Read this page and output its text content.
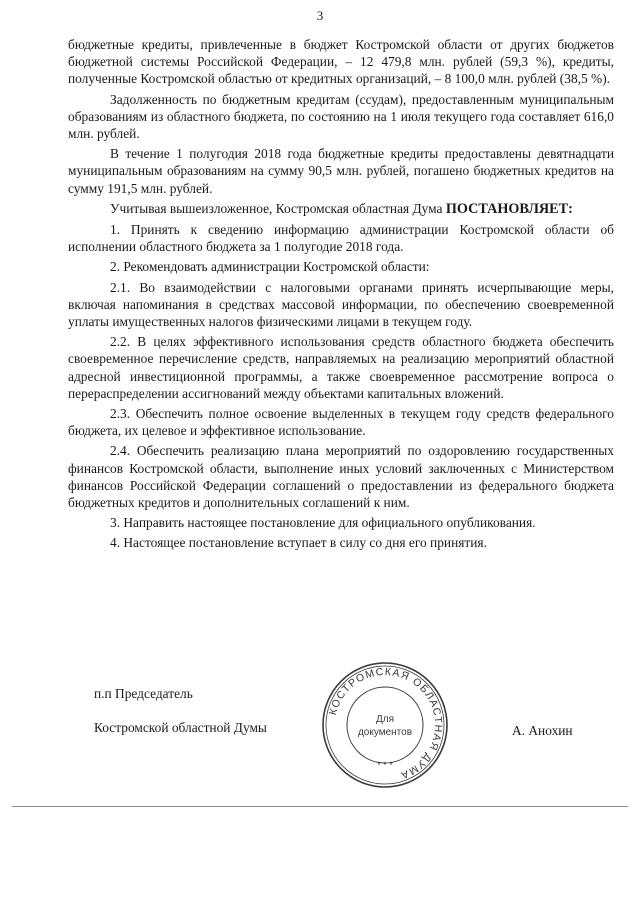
3

бюджетные кредиты, привлеченные в бюджет Костромской области от других бюджетов бюджетной системы Российской Федерации, – 12 479,8 млн. рублей (59,3 %), кредиты, полученные Костромской областью от кредитных организаций, – 8 100,0 млн. рублей (38,5 %).

Задолженность по бюджетным кредитам (ссудам), предоставленным муниципальным образованиям из областного бюджета, по состоянию на 1 июля текущего года составляет 616,0 млн. рублей.

В течение 1 полугодия 2018 года бюджетные кредиты предоставлены девятнадцати муниципальным образованиям на сумму 90,5 млн. рублей, погашено бюджетных кредитов на сумму 191,5 млн. рублей.

Учитывая вышеизложенное, Костромская областная Дума ПОСТАНОВЛЯЕТ:

1. Принять к сведению информацию администрации Костромской области об исполнении областного бюджета за 1 полугодие 2018 года.

2. Рекомендовать администрации Костромской области:

2.1. Во взаимодействии с налоговыми органами принять исчерпывающие меры, включая напоминания в средствах массовой информации, по обеспечению своевременной уплаты имущественных налогов физическими лицами в текущем году.

2.2. В целях эффективного использования средств областного бюджета обеспечить своевременное перечисление средств, направляемых на реализацию мероприятий областной адресной инвестиционной программы, а также своевременное рассмотрение вопроса о перераспределении ассигнований между объектами капитальных вложений.

2.3. Обеспечить полное освоение выделенных в текущем году средств федерального бюджета, их целевое и эффективное использование.

2.4. Обеспечить реализацию плана мероприятий по оздоровлению государственных финансов Костромской области, выполнение иных условий заключенных с Министерством финансов Российской Федерации соглашений о предоставлении из федерального бюджета бюджетных кредитов и дополнительных соглашений к ним.

3. Направить настоящее постановление для официального опубликования.

4. Настоящее постановление вступает в силу со дня его принятия.

п.п Председатель
Костромской областной Думы	А. Анохин
КОСТРОМСКАЯ ОБЛАСТНАЯ ДУМА
Для
документов
* * *
